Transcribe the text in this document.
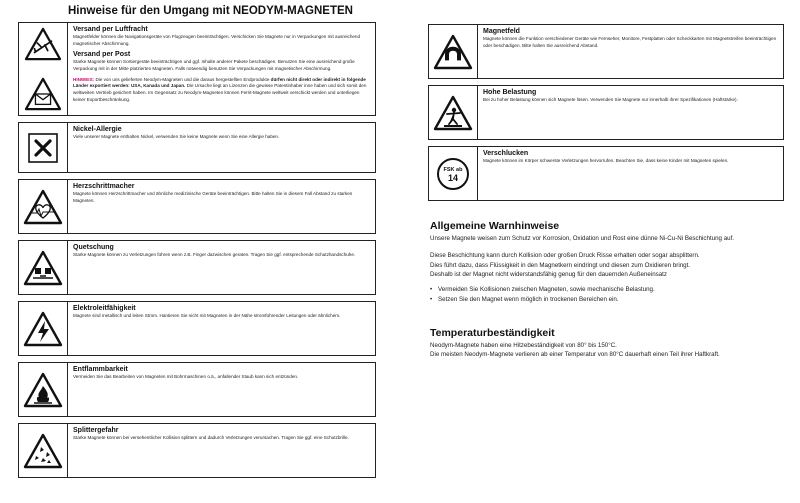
Hinweise für den Umgang mit NEODYM-MAGNETEN
Versand per Luftfracht
Magnetfelder können die Navigationsgeräte von Flugzeugen beeinträchtigen. Verschicken Sie Magnete nur in Verpackungen mit ausreichend magnetischer Abschirmung.
Versand per Post
Starke Magnete können Sortiergeräte beeinträchtigen und ggf. Inhalte anderer Pakete beschädigen. Benutzen Sie eine ausreichend große Verpackung mit in der Mitte platzierten Magneten. Falls notwendig benutzen Sie Verpackungen mit magnetischer Abschirmung.
HINWEIS: Die von uns gelieferten Neodym-Magneten und die daraus hergestellten Endprodukte dürfen nicht direkt oder indirekt in folgende Länder exportiert werden: USA, Kanada und Japan. Die Ursache liegt an Lizenzen die gewisse Patentinhaber inne haben und sich somit den weltweiten Vertrieb gesichert haben. Im Gegensatz zu Neodym-Magneten können Ferrit-Magnete weltweit verschickt werden und unterliegen keiner Exportbeschränkung.
Nickel-Allergie
Viele unserer Magnete enthalten Nickel, verwenden Sie keine Magnete wenn Sie eine Allergie haben.
Herzschrittmacher
Magnete können Herzschrittmacher und ähnliche medizinische Geräte beeinträchtigen. Bitte halten Sie in diesem Fall Abstand zu starken Magneten.
Quetschung
Starke Magnete können zu Verletzungen führen wenn z.B. Finger dazwischen geraten. Tragen Sie ggf. entsprechende Schutzhandschuhe.
Elektroleitfähigkeit
Magnete sind metallisch und leiten Strom. Hantieren Sie nicht mit Magneten in der Nähe stromführender Leitungen oder ähnlichem.
Entflammbarkeit
Vermeiden Sie das Bearbeiten von Magneten mit Bohrmaschinen o.ä., anfallender Staub kann sich entzünden.
Splittergefahr
Starke Magnete können bei versehentlicher Kollision splittern und dadurch Verletzungen verursachen. Tragen Sie ggf. eine Schutzbrille.
Magnetfeld
Magnete können die Funktion verschiedener Geräte wie Fernseher, Monitore, Festplatten oder Scheckkarten mit Magnetstreifen beeinträchtigen oder beschädigen. Bitte halten Sie ausreichend Abstand.
Hohe Belastung
Bei zu hoher Belastung können sich Magnete lösen. Verwenden Sie Magnete nur innerhalb ihrer Spezifikationen (Haftstärke).
FSK ab
14
Verschlucken
Magnete können im Körper schwerste Verletzungen hervorrufen. Beachten Sie, dass keine Kinder mit Magneten spielen.
Allgemeine Warnhinweise

Unsere Magnete weisen zum Schutz vor Korrosion, Oxidation und Rost eine dünne Ni-Cu-Ni Beschichtung auf.

Diese Beschichtung kann durch Kollision oder großen Druck Risse erhalten oder sogar absplittern.

Dies führt dazu, dass Flüssigkeit in den Magnetkern eindringt und diesen zum Oxidieren bringt.

Deshalb ist der Magnet nicht widerstandsfähig genug für den dauernden Außeneinsatz

• Vermeiden Sie Kollisionen zwischen Magneten, sowie mechanische Belastung.
• Setzen Sie den Magnet wenn möglich in trockenen Bereichen ein.
Temperaturbeständigkeit

Neodym-Magnete haben eine Hitzebeständigkeit von 80° bis 150°C.

Die meisten Neodym-Magnete verlieren ab einer Temperatur von 80°C dauerhaft einen Teil ihrer Haftkraft.
